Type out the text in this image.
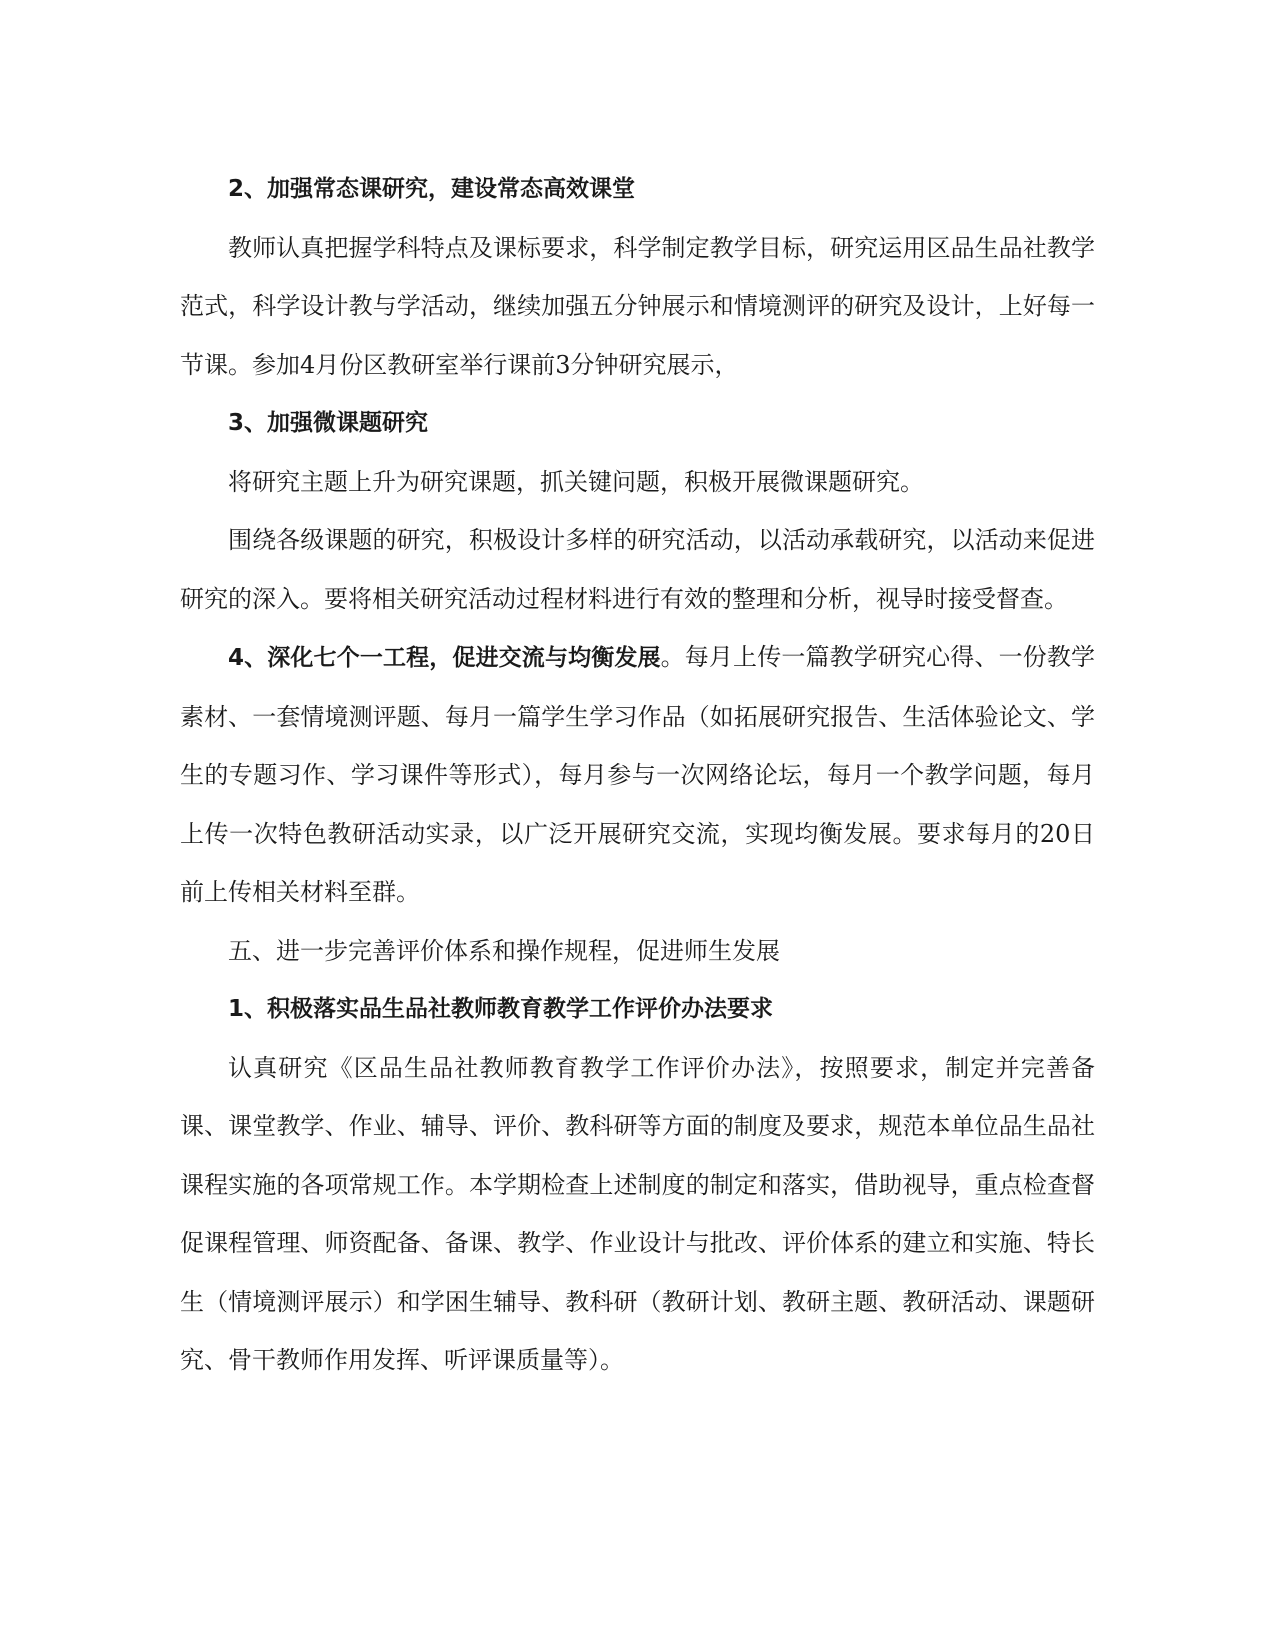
2、加强常态课研究，建设常态高效课堂

教师认真把握学科特点及课标要求，科学制定教学目标，研究运用区品生品社教学范式，科学设计教与学活动，继续加强五分钟展示和情境测评的研究及设计，上好每一节课。参加4月份区教研室举行课前3分钟研究展示，

3、加强微课题研究

将研究主题上升为研究课题，抓关键问题，积极开展微课题研究。

围绕各级课题的研究，积极设计多样的研究活动，以活动承载研究，以活动来促进研究的深入。要将相关研究活动过程材料进行有效的整理和分析，视导时接受督查。

4、深化七个一工程，促进交流与均衡发展。每月上传一篇教学研究心得、一份教学素材、一套情境测评题、每月一篇学生学习作品（如拓展研究报告、生活体验论文、学生的专题习作、学习课件等形式），每月参与一次网络论坛，每月一个教学问题，每月上传一次特色教研活动实录，以广泛开展研究交流，实现均衡发展。要求每月的20日前上传相关材料至群。

五、进一步完善评价体系和操作规程，促进师生发展

1、积极落实品生品社教师教育教学工作评价办法要求

认真研究《区品生品社教师教育教学工作评价办法》，按照要求，制定并完善备课、课堂教学、作业、辅导、评价、教科研等方面的制度及要求，规范本单位品生品社课程实施的各项常规工作。本学期检查上述制度的制定和落实，借助视导，重点检查督促课程管理、师资配备、备课、教学、作业设计与批改、评价体系的建立和实施、特长生（情境测评展示）和学困生辅导、教科研（教研计划、教研主题、教研活动、课题研究、骨干教师作用发挥、听评课质量等）。
